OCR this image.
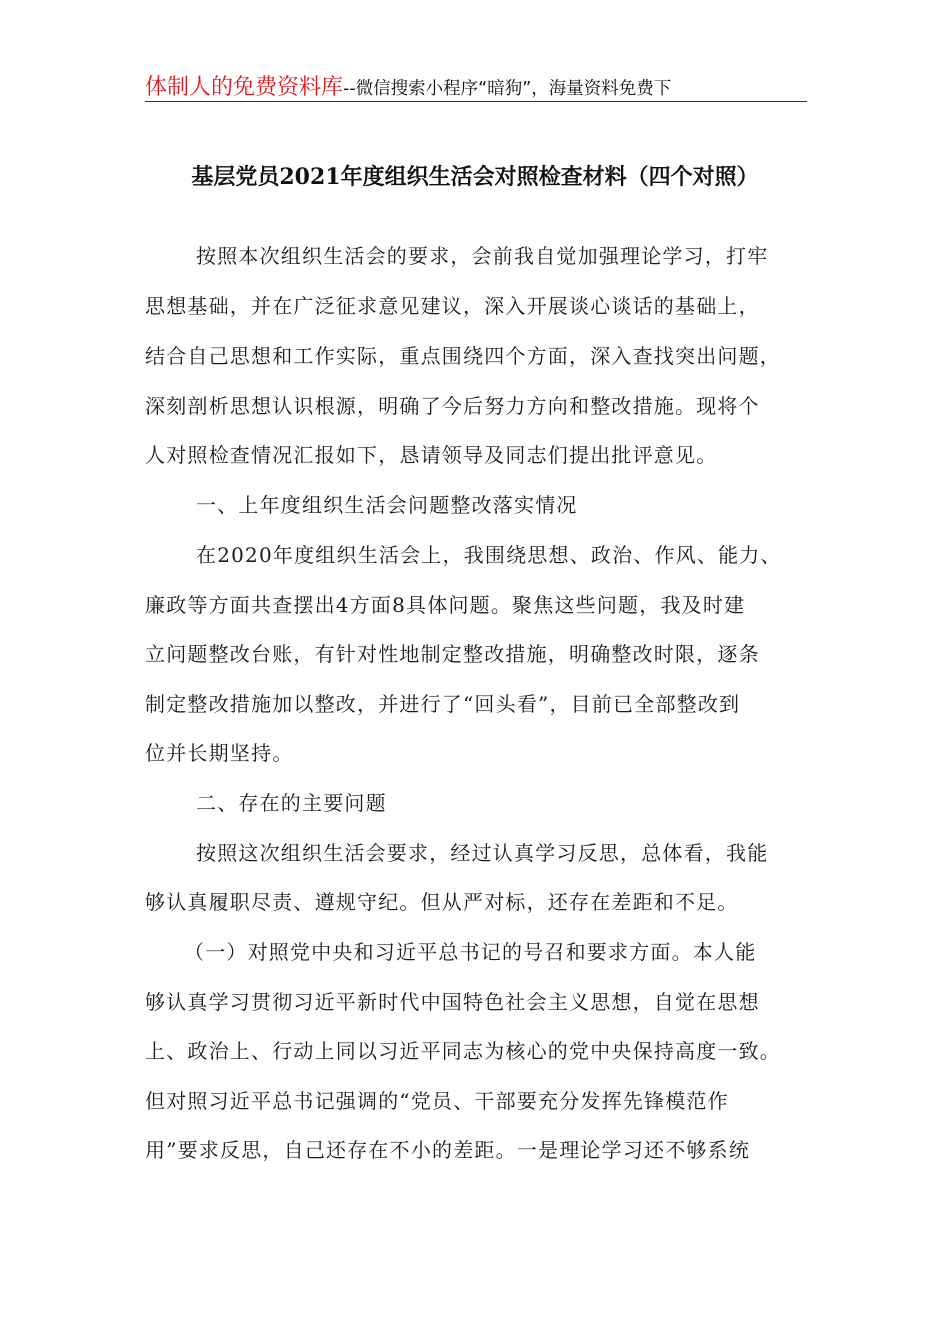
体制人的免费资料库--微信搜索小程序“暗狗”，海量资料免费下
基层党员2021年度组织生活会对照检查材料（四个对照）
按照本次组织生活会的要求，会前我自觉加强理论学习，打牢
思想基础，并在广泛征求意见建议，深入开展谈心谈话的基础上，
结合自己思想和工作实际，重点围绕四个方面，深入查找突出问题，
深刻剖析思想认识根源，明确了今后努力方向和整改措施。现将个
人对照检查情况汇报如下，恳请领导及同志们提出批评意见。
一、上年度组织生活会问题整改落实情况
在2020年度组织生活会上，我围绕思想、政治、作风、能力、
廉政等方面共查摆出4方面8具体问题。聚焦这些问题，我及时建
立问题整改台账，有针对性地制定整改措施，明确整改时限，逐条
制定整改措施加以整改，并进行了“回头看”，目前已全部整改到
位并长期坚持。
二、存在的主要问题
按照这次组织生活会要求，经过认真学习反思，总体看，我能
够认真履职尽责、遵规守纪。但从严对标，还存在差距和不足。
（一）对照党中央和习近平总书记的号召和要求方面。本人能
够认真学习贯彻习近平新时代中国特色社会主义思想，自觉在思想
上、政治上、行动上同以习近平同志为核心的党中央保持高度一致。
但对照习近平总书记强调的“党员、干部要充分发挥先锋模范作
用”要求反思，自己还存在不小的差距。一是理论学习还不够系统
